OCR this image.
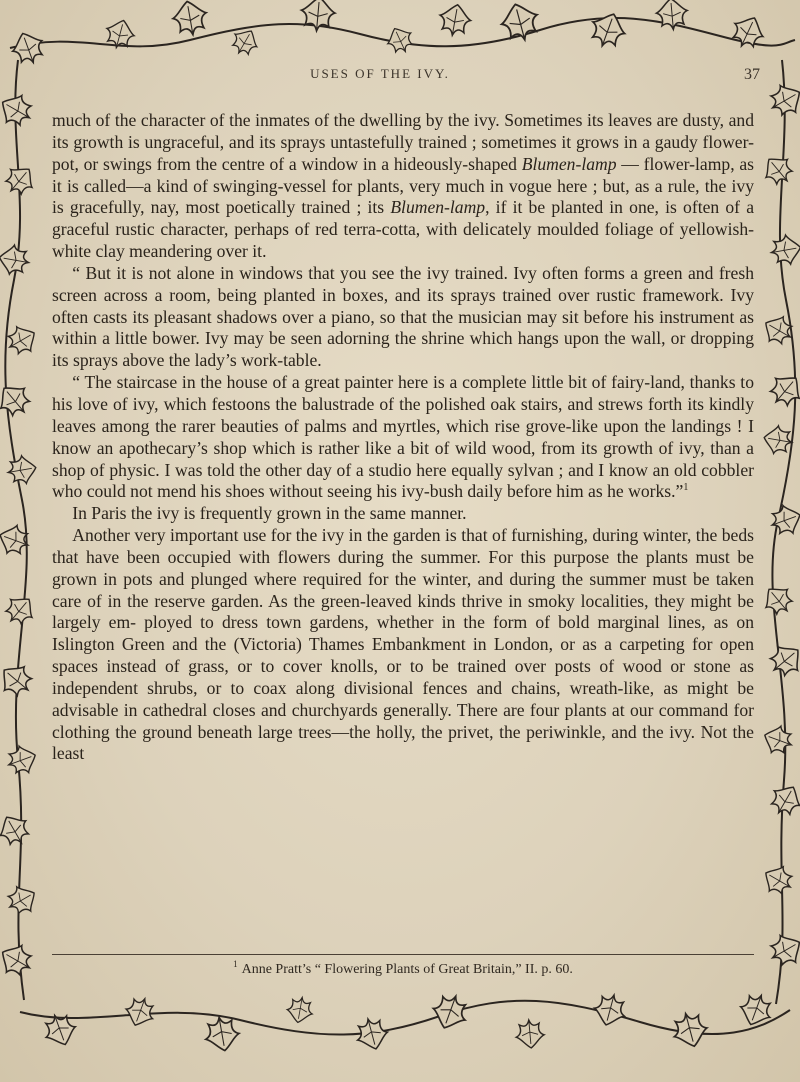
USES OF THE IVY.	37

much of the character of the inmates of the dwelling by the ivy. Sometimes its leaves are dusty, and its growth is ungraceful, and its sprays untastefully trained ; sometimes it grows in a gaudy flower-pot, or swings from the centre of a window in a hideously-shaped Blumen-lamp — flower-lamp, as it is called—a kind of swinging-vessel for plants, very much in vogue here ; but, as a rule, the ivy is gracefully, nay, most poetically trained ; its Blumen-lamp, if it be planted in one, is often of a graceful rustic character, perhaps of red terra-cotta, with delicately moulded foliage of yellowish-white clay meandering over it.

“ But it is not alone in windows that you see the ivy trained. Ivy often forms a green and fresh screen across a room, being planted in boxes, and its sprays trained over rustic framework. Ivy often casts its pleasant shadows over a piano, so that the musician may sit before his instrument as within a little bower. Ivy may be seen adorning the shrine which hangs upon the wall, or dropping its sprays above the lady’s work-table.

“ The staircase in the house of a great painter here is a complete little bit of fairy-land, thanks to his love of ivy, which festoons the balustrade of the polished oak stairs, and strews forth its kindly leaves among the rarer beauties of palms and myrtles, which rise grove-like upon the landings ! I know an apothecary’s shop which is rather like a bit of wild wood, from its growth of ivy, than a shop of physic. I was told the other day of a studio here equally sylvan ; and I know an old cobbler who could not mend his shoes without seeing his ivy-bush daily before him as he works.”$^1$

In Paris the ivy is frequently grown in the same manner.

Another very important use for the ivy in the garden is that of furnishing, during winter, the beds that have been occupied with flowers during the summer. For this purpose the plants must be grown in pots and plunged where required for the winter, and during the summer must be taken care of in the reserve garden. As the green-leaved kinds thrive in smoky localities, they might be largely em- ployed to dress town gardens, whether in the form of bold marginal lines, as on Islington Green and the (Victoria) Thames Embankment in London, or as a carpeting for open spaces instead of grass, or to cover knolls, or to be trained over posts of wood or stone as independent shrubs, or to coax along divisional fences and chains, wreath-like, as might be advisable in cathedral closes and churchyards generally. There are four plants at our command for clothing the ground beneath large trees—the holly, the privet, the periwinkle, and the ivy. Not the least

$^1$ Anne Pratt’s “ Flowering Plants of Great Britain,” II. p. 60.
